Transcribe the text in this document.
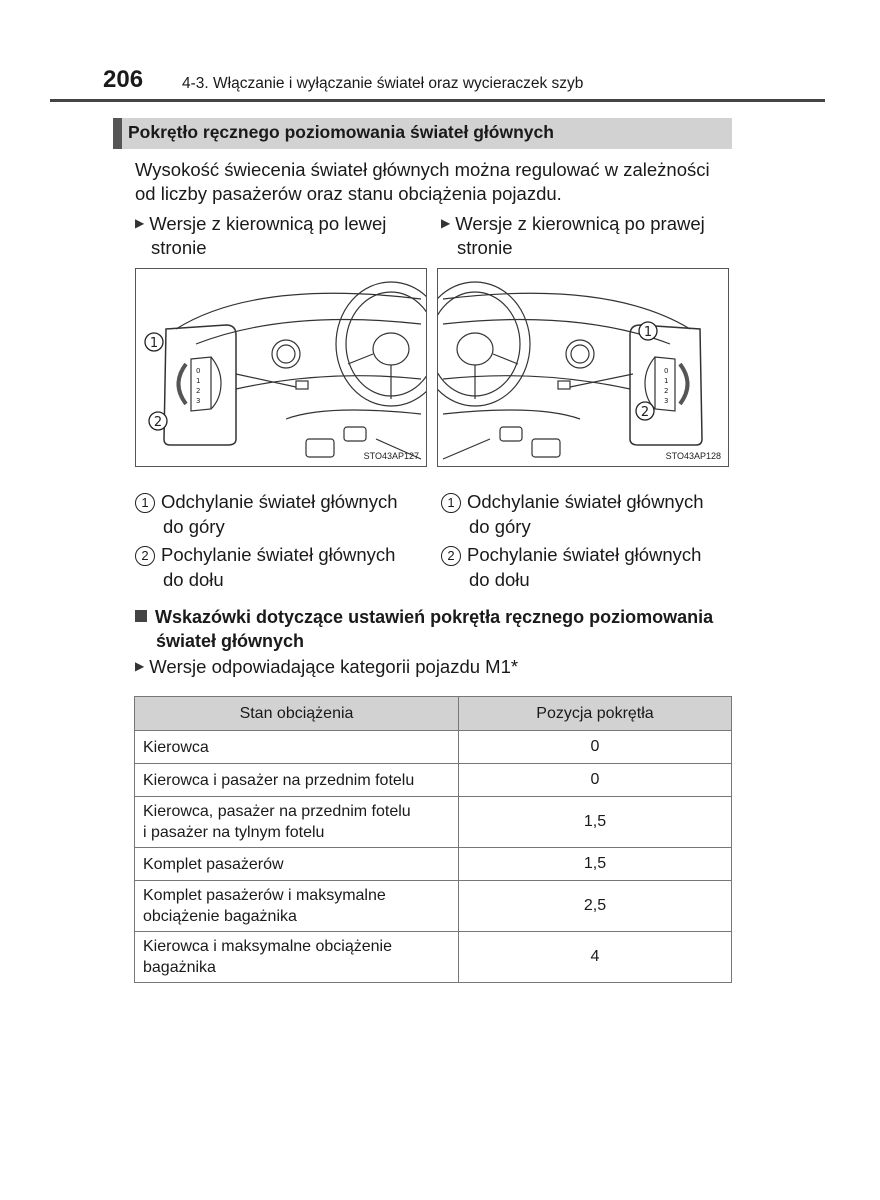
206	4-3. Włączanie i wyłączanie świateł oraz wycieraczek szyb
Pokrętło ręcznego poziomowania świateł głównych

Wysokość świecenia świateł głównych można regulować w zależności
od liczby pasażerów oraz stanu obciążenia pojazdu.

▶ Wersje z kierownicą po lewej
stronie
▶ Wersje z kierownicą po prawej
stronie
0
1
2
3
1
2
STO43AP127
0
1
2
3
1
2
STO43AP128
1 Odchylanie świateł głównych
do góry
2 Pochylanie świateł głównych
do dołu
1 Odchylanie świateł głównych
do góry
2 Pochylanie świateł głównych
do dołu
Wskazówki dotyczące ustawień pokrętła ręcznego poziomowania
świateł głównych
▶ Wersje odpowiadające kategorii pojazdu M1*
Stan obciążenia	Pozycja pokrętła
Kierowca	0
Kierowca i pasażer na przednim fotelu	0
Kierowca, pasażer na przednim fotelu
i pasażer na tylnym fotelu	1,5
Komplet pasażerów	1,5
Komplet pasażerów i maksymalne
obciążenie bagażnika	2,5
Kierowca i maksymalne obciążenie
bagażnika	4
